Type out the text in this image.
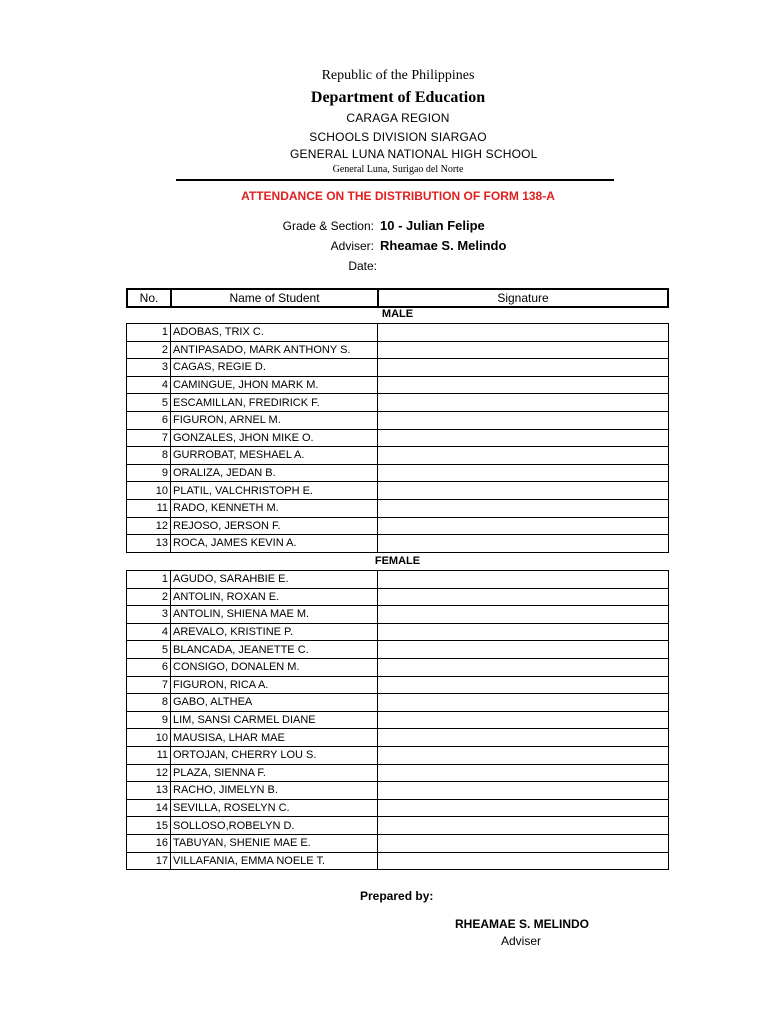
Republic of the Philippines
Department of Education
CARAGA REGION
SCHOOLS DIVISION SIARGAO
GENERAL LUNA NATIONAL HIGH SCHOOL
General Luna, Surigao del Norte
ATTENDANCE ON THE DISTRIBUTION OF FORM 138-A
Grade & Section: 10 - Julian Felipe
Adviser: Rheamae S. Melindo
Date:
No.	Name of Student	Signature
MALE
1	ADOBAS, TRIX C.	
2	ANTIPASADO, MARK ANTHONY S.	
3	CAGAS, REGIE D.	
4	CAMINGUE, JHON MARK M.	
5	ESCAMILLAN, FREDIRICK F.	
6	FIGURON, ARNEL M.	
7	GONZALES, JHON MIKE O.	
8	GURROBAT, MESHAEL A.	
9	ORALIZA, JEDAN B.	
10	PLATIL, VALCHRISTOPH E.	
11	RADO, KENNETH M.	
12	REJOSO, JERSON F.	
13	ROCA, JAMES KEVIN A.	
FEMALE
1	AGUDO, SARAHBIE E.	
2	ANTOLIN, ROXAN E.	
3	ANTOLIN, SHIENA MAE M.	
4	AREVALO, KRISTINE P.	
5	BLANCADA, JEANETTE C.	
6	CONSIGO, DONALEN M.	
7	FIGURON, RICA A.	
8	GABO, ALTHEA	
9	LIM, SANSI CARMEL DIANE	
10	MAUSISA, LHAR MAE	
11	ORTOJAN, CHERRY LOU S.	
12	PLAZA, SIENNA F.	
13	RACHO, JIMELYN B.	
14	SEVILLA, ROSELYN C.	
15	SOLLOSO,ROBELYN D.	
16	TABUYAN, SHENIE MAE E.	
17	VILLAFANIA, EMMA NOELE T.	
Prepared by:
RHEAMAE S. MELINDO
Adviser
